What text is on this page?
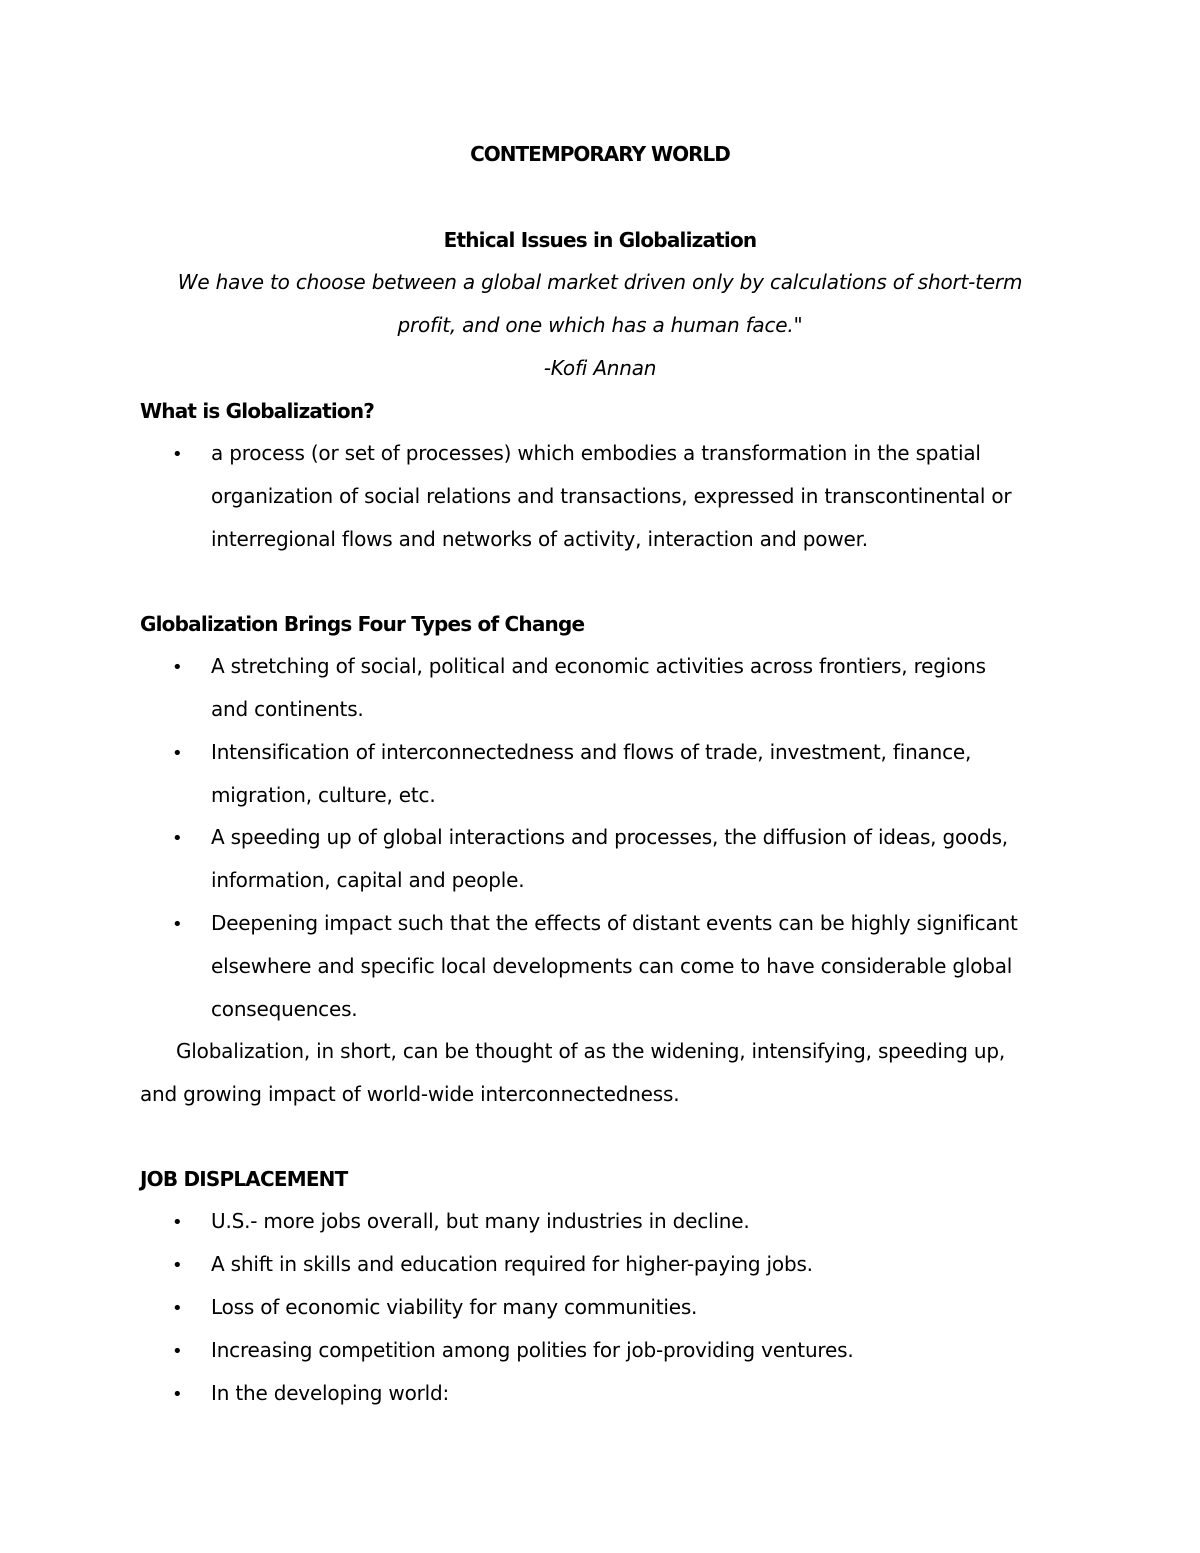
CONTEMPORARY WORLD
Ethical Issues in Globalization
We have to choose between a global market driven only by calculations of short-term
profit, and one which has a human face."
-Kofi Annan
What is Globalization?
• a process (or set of processes) which embodies a transformation in the spatial
organization of social relations and transactions, expressed in transcontinental or
interregional flows and networks of activity, interaction and power.
Globalization Brings Four Types of Change
• A stretching of social, political and economic activities across frontiers, regions
and continents.
• Intensification of interconnectedness and flows of trade, investment, finance,
migration, culture, etc.
• A speeding up of global interactions and processes, the diffusion of ideas, goods,
information, capital and people.
• Deepening impact such that the effects of distant events can be highly significant
elsewhere and specific local developments can come to have considerable global
consequences.
Globalization, in short, can be thought of as the widening, intensifying, speeding up,
and growing impact of world-wide interconnectedness.
JOB DISPLACEMENT
• U.S.- more jobs overall, but many industries in decline.
• A shift in skills and education required for higher-paying jobs.
• Loss of economic viability for many communities.
• Increasing competition among polities for job-providing ventures.
• In the developing world:
